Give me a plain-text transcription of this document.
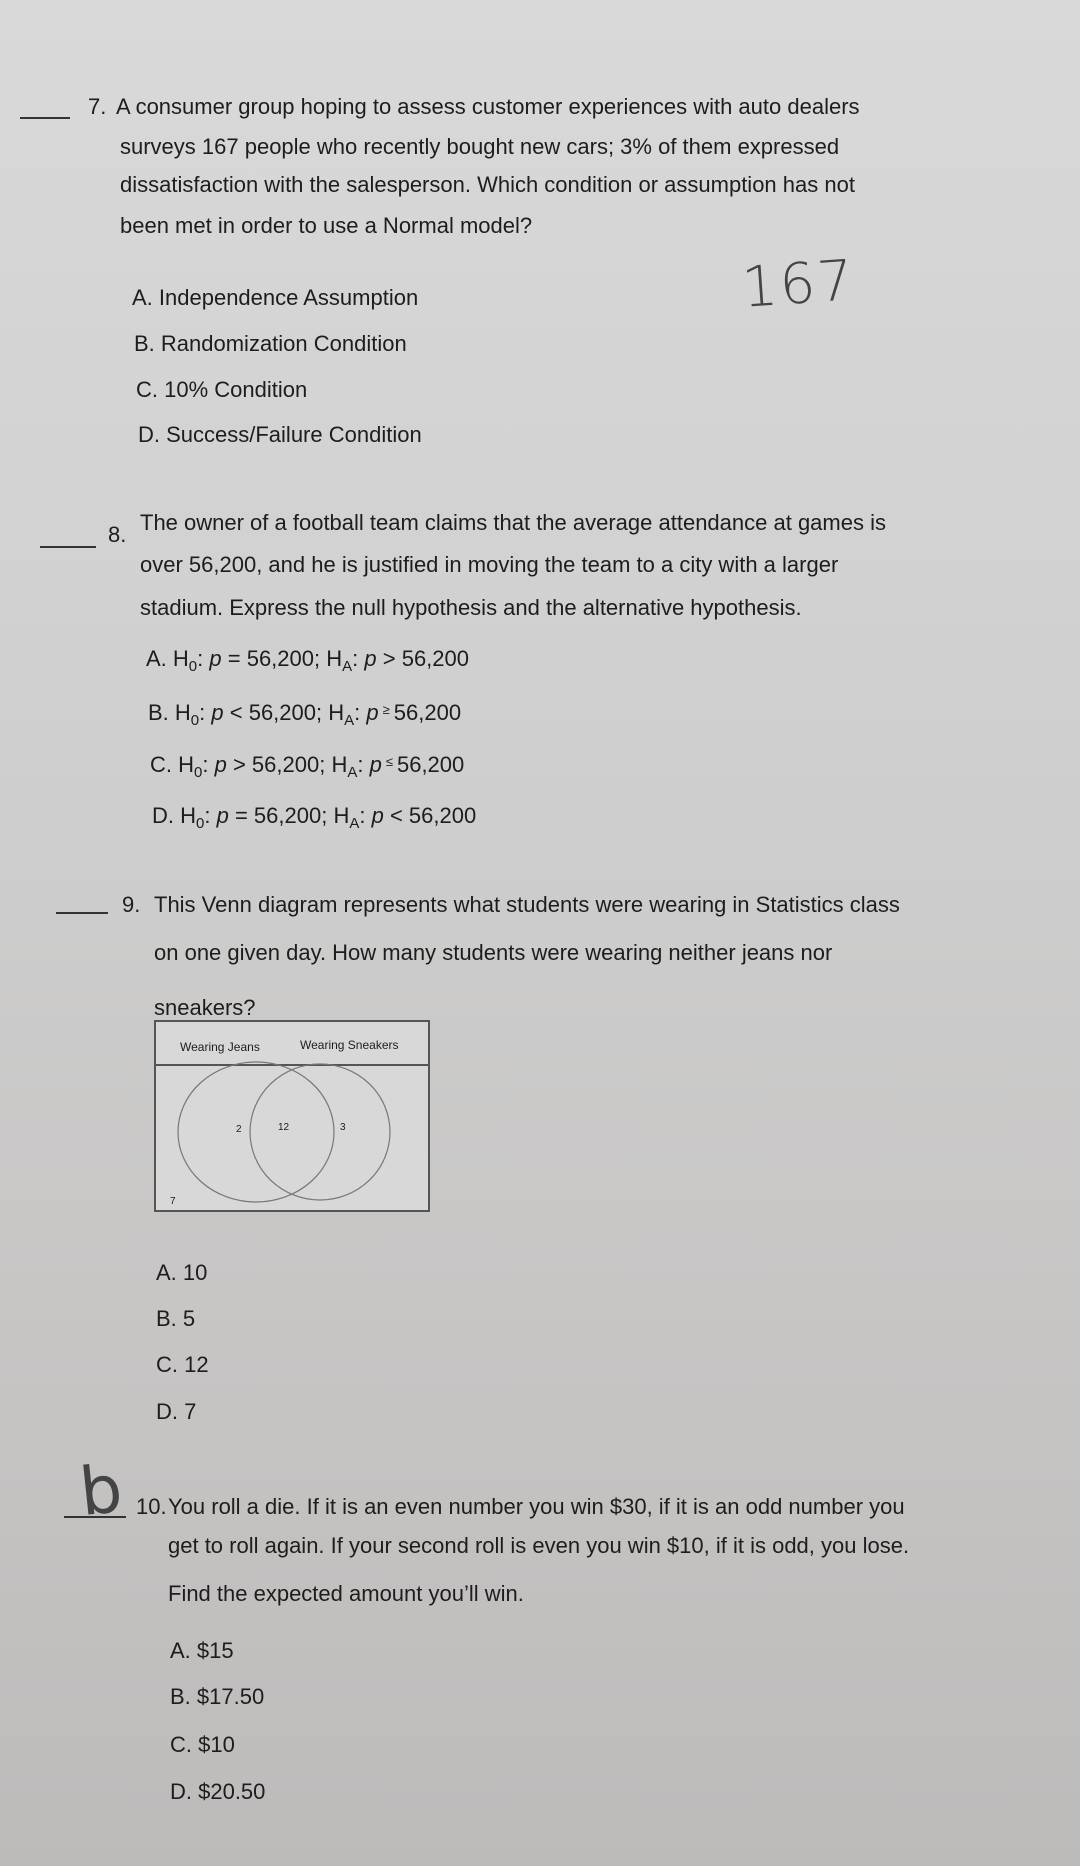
7. A consumer group hoping to assess customer experiences with auto dealers
surveys 167 people who recently bought new cars; 3% of them expressed
dissatisfaction with the salesperson. Which condition or assumption has not
been met in order to use a Normal model?
A. Independence Assumption
B. Randomization Condition
C. 10% Condition
D. Success/Failure Condition
167
8. The owner of a football team claims that the average attendance at games is
over 56,200, and he is justified in moving the team to a city with a larger
stadium. Express the null hypothesis and the alternative hypothesis.
A. $H_0$: p = 56,200; $H_A$: p > 56,200
B. $H_0$: p < 56,200; $H_A$: p ≥ 56,200
C. $H_0$: p > 56,200; $H_A$: p ≤ 56,200
D. $H_0$: p = 56,200; $H_A$: p < 56,200
9. This Venn diagram represents what students were wearing in Statistics class
on one given day. How many students were wearing neither jeans nor
sneakers?
Wearing Jeans	Wearing Sneakers
2	12	3
7
A. 10
B. 5
C. 12
D. 7
b 10. You roll a die. If it is an even number you win $30, if it is an odd number you
get to roll again. If your second roll is even you win $10, if it is odd, you lose.
Find the expected amount you’ll win.
A. $15
B. $17.50
C. $10
D. $20.50
